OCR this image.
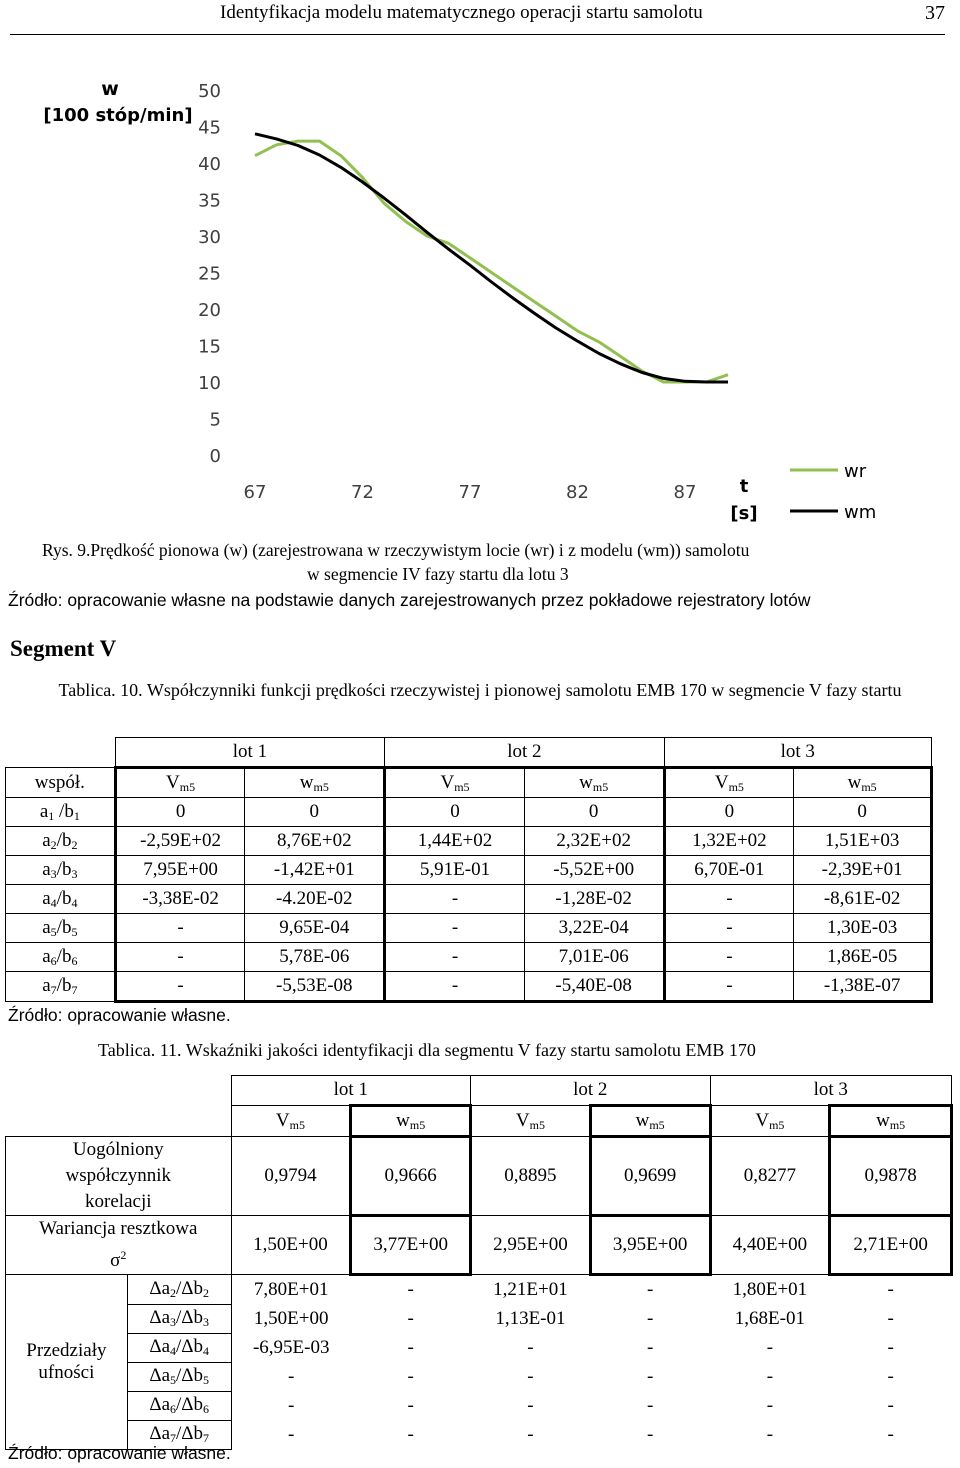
Identyfikacja modelu matematycznego operacji startu samolotu	37
0
5
10
15
20
25
30
35
40
45
50
67	72	77	82	87
w
[100 stóp/min]
t
[s]
wr
wm
Rys. 9.Prędkość pionowa (w) (zarejestrowana w rzeczywistym locie (wr) i z modelu (wm)) samolotu
w segmencie IV fazy startu dla lotu 3
Źródło: opracowanie własne na podstawie danych zarejestrowanych przez pokładowe rejestratory lotów
Segment V
Tablica. 10. Współczynniki funkcji prędkości rzeczywistej i pionowej samolotu EMB 170 w segmencie V fazy startu
	lot 1		lot 2		lot 3	
współ.	$V_{m5}$	$w_{m5}$	$V_{m5}$	$w_{m5}$	$V_{m5}$	$w_{m5}$
$a_1$ $/b_1$	0	0	0	0	0	0
$a_2/b_2$	-2,59E+02	8,76E+02	1,44E+02	2,32E+02	1,32E+02	1,51E+03
$a_3/b_3$	7,95E+00	-1,42E+01	5,91E-01	-5,52E+00	6,70E-01	-2,39E+01
$a_4/b_4$	-3,38E-02	-4.20E-02	-	-1,28E-02	-	-8,61E-02
$a_5/b_5$	-	9,65E-04	-	3,22E-04	-	1,30E-03
$a_6/b_6$	-	5,78E-06	-	7,01E-06	-	1,86E-05
$a_7/b_7$	-	-5,53E-08	-	-5,40E-08	-	-1,38E-07
Źródło: opracowanie własne.
Tablica. 11. Wskaźniki jakości identyfikacji dla segmentu V fazy startu samolotu EMB 170
		lot 1		lot 2		lot 3	
		$V_{m5}$	$w_{m5}$	$V_{m5}$	$w_{m5}$	$V_{m5}$	$w_{m5}$
Uogólniony
współczynnik
korelacji		0,9794	0,9666	0,8895	0,9699	0,8277	0,9878
Wariancja resztkowa
$\sigma^2$		1,50E+00	3,77E+00	2,95E+00	3,95E+00	4,40E+00	2,71E+00
Przedziały
ufności	$\Delta a_2/\Delta b_2$	7,80E+01	-	1,21E+01	-	1,80E+01	-
	$\Delta a_3/\Delta b_3$	1,50E+00	-	1,13E-01	-	1,68E-01	-
	$\Delta a_4/\Delta b_4$	-6,95E-03	-	-	-	-	-
	$\Delta a_5/\Delta b_5$	-	-	-	-	-	-
	$\Delta a_6/\Delta b_6$	-	-	-	-	-	-
	$\Delta a_7/\Delta b_7$	-	-	-	-	-	-
Źródło: opracowanie własne.
